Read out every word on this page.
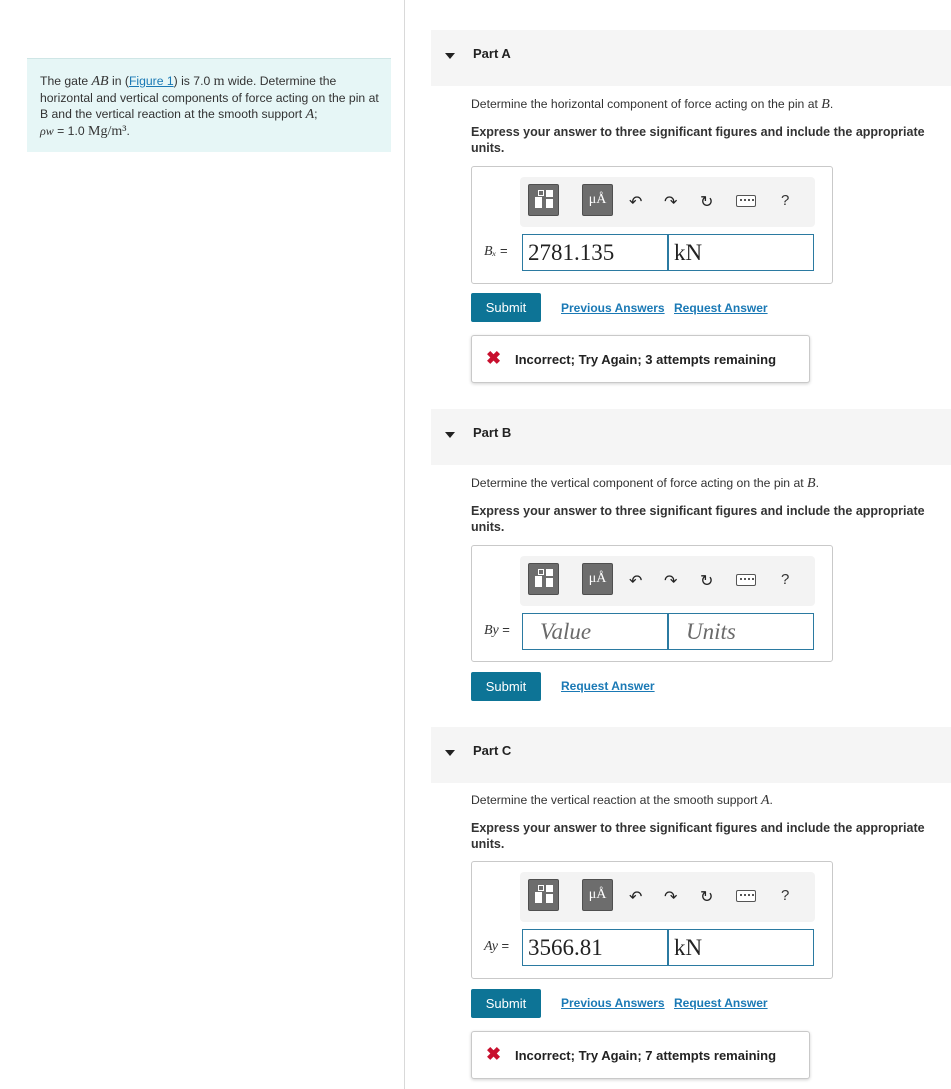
The gate AB in (Figure 1) is 7.0 m wide. Determine the horizontal and vertical components of force acting on the pin at B and the vertical reaction at the smooth support A;
ρw = 1.0 Mg/m³.
Part A
Determine the horizontal component of force acting on the pin at B.
Express your answer to three significant figures and include the appropriate units.
μÅ	↶ ↷ ↻	?
Bₓ = 2781.135	kN
Submit	Previous Answers Request Answer
✖ Incorrect; Try Again; 3 attempts remaining
Part B
Determine the vertical component of force acting on the pin at B.
Express your answer to three significant figures and include the appropriate units.
μÅ	↶ ↷ ↻	?
By =	Value	Units
Submit	Request Answer
Part C
Determine the vertical reaction at the smooth support A.
Express your answer to three significant figures and include the appropriate units.
μÅ	↶ ↷ ↻	?
Ay = 3566.81	kN
Submit	Previous Answers Request Answer
✖ Incorrect; Try Again; 7 attempts remaining
